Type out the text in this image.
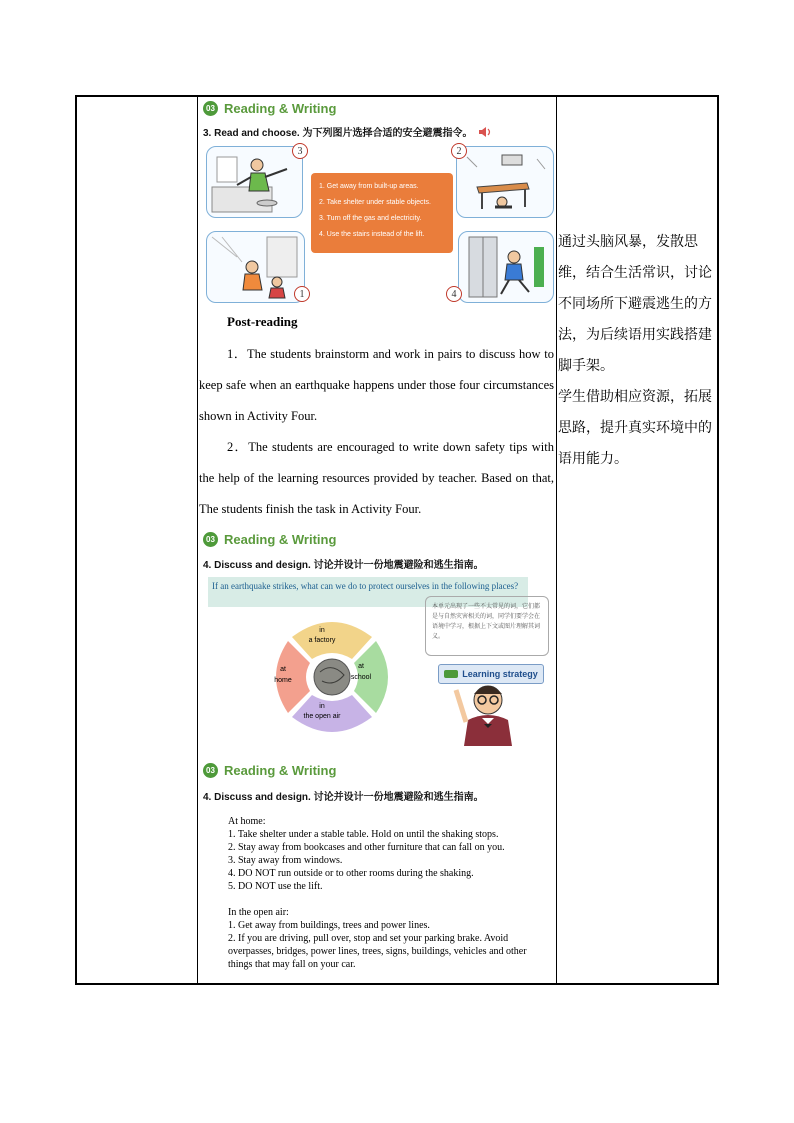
03 Reading & Writing
3. Read and choose. 为下列图片选择合适的安全避震指令。
3	2
1. Get away from built-up areas.
2. Take shelter under stable objects.
3. Turn off the gas and electricity.
4. Use the stairs instead of the lift.
1	4
Post-reading
1．The students brainstorm and work in pairs to discuss how to keep safe when an earthquake happens under those four circumstances shown in Activity Four.
2．The students are encouraged to write down safety tips with the help of the learning resources provided by teacher. Based on that, The students finish the task in Activity Four.
通过头脑风暴，发散思维，结合生活常识，讨论不同场所下避震逃生的方法，为后续语用实践搭建脚手架。
学生借助相应资源，拓展思路，提升真实环境中的语用能力。
03 Reading & Writing
4. Discuss and design. 讨论并设计一份地震避险和逃生指南。
If an earthquake strikes, what can we do to protect ourselves in the following places?
in
a factory
at
home
at
school
in
the open air
本单元出现了一些不太常见的词，它们都是与自然灾害相关的词，同学们要学会在语境中学习，根据上下文或图片理解其词义。
Learning strategy
03 Reading & Writing
4. Discuss and design. 讨论并设计一份地震避险和逃生指南。

At home:

1. Take shelter under a stable table. Hold on until the shaking stops.

2. Stay away from bookcases and other furniture that can fall on you.

3. Stay away from windows.

4. DO NOT run outside or to other rooms during the shaking.

5. DO NOT use the lift.

In the open air:

1. Get away from buildings, trees and power lines.

2. If you are driving, pull over, stop and set your parking brake. Avoid overpasses, bridges, power lines, trees, signs, buildings, vehicles and other things that may fall on your car.
